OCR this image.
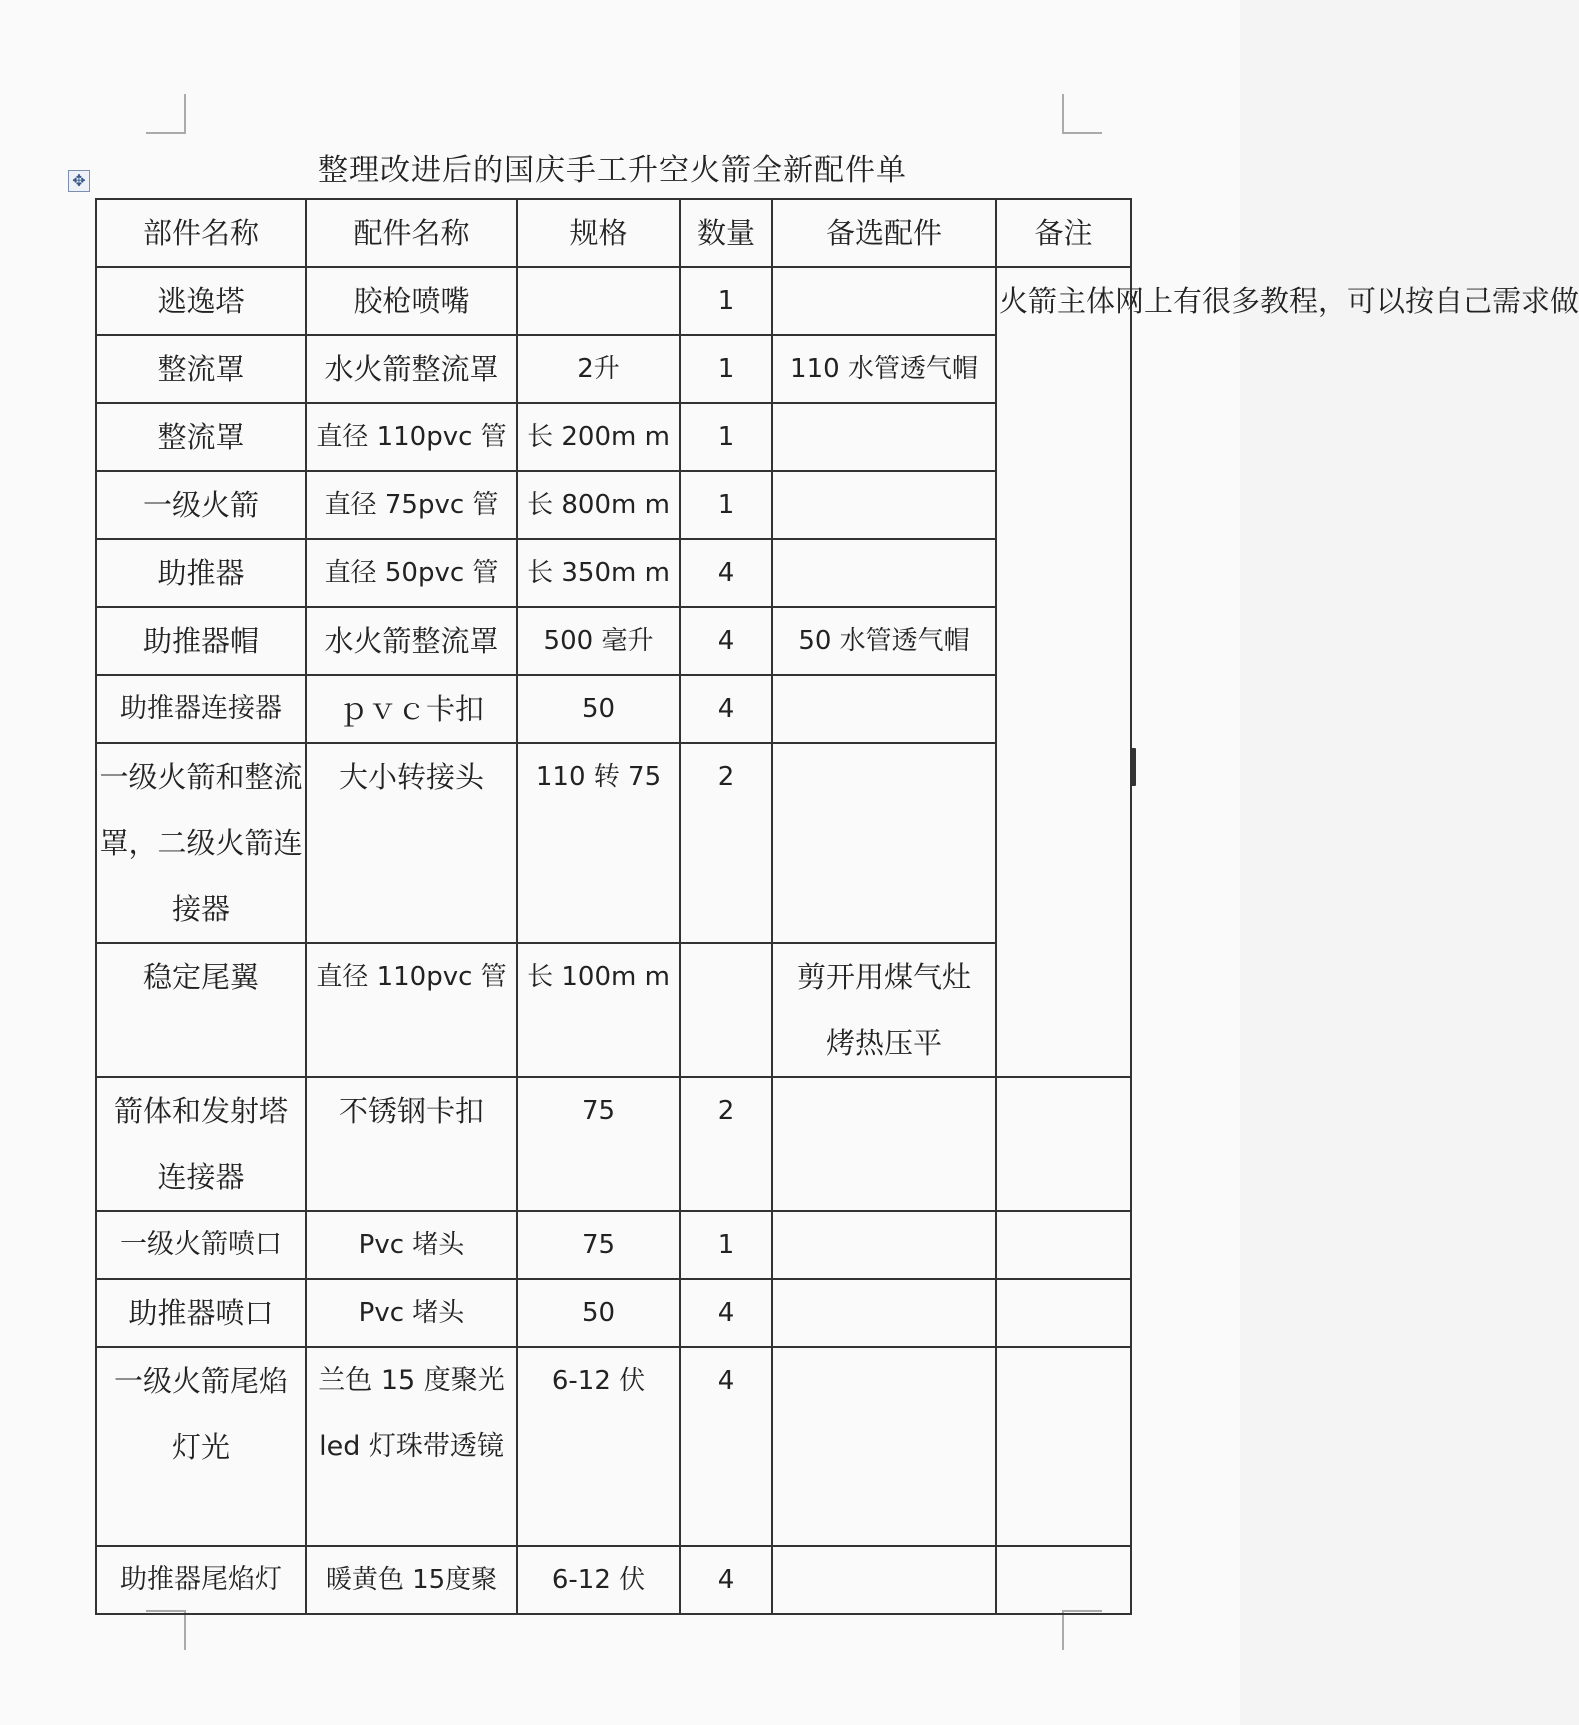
✥	整理改进后的国庆手工升空火箭全新配件单
部件名称	配件名称	规格	数量	备选配件	备注
逃逸塔	胶枪喷嘴		1		火箭主体网上有很多教程，可以按自己需求做
整流罩	水火箭整流罩	2升	1	110 水管透气帽	
整流罩	直径 110pvc 管	长 200m m	1		
一级火箭	直径 75pvc 管	长 800m m	1		
助推器	直径 50pvc 管	长 350m m	4		
助推器帽	水火箭整流罩	500 毫升	4	50 水管透气帽	
助推器连接器	ｐｖｃ卡扣	50	4		
一级火箭和整流罩，二级火箭连接器	大小转接头	110 转 75	2		
稳定尾翼	直径 110pvc 管	长 100m m		剪开用煤气灶烤热压平	
箭体和发射塔连接器	不锈钢卡扣	75	2		
一级火箭喷口	Pvc 堵头	75	1		
助推器喷口	Pvc 堵头	50	4		
一级火箭尾焰灯光	兰色 15 度聚光 led 灯珠带透镜	6-12 伏	4		
助推器尾焰灯	暖黄色 15度聚	6-12 伏	4		
